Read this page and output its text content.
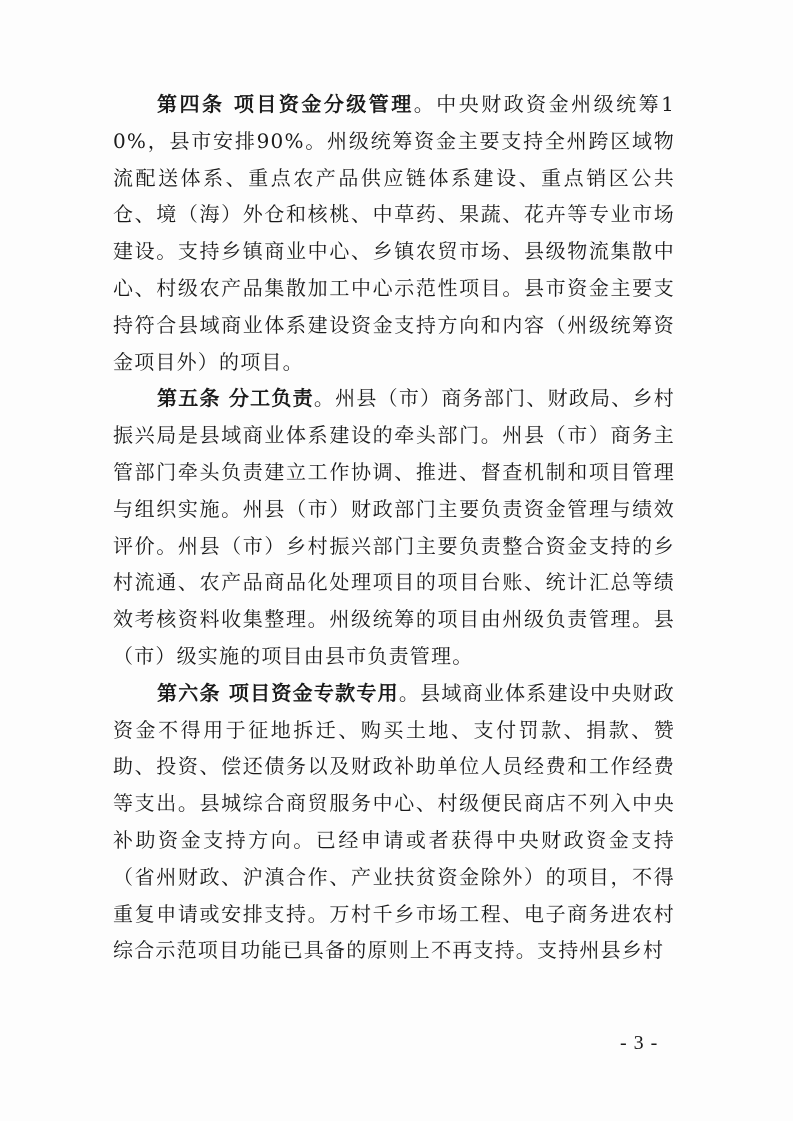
第四条 项目资金分级管理。中央财政资金州级统筹10%，县市安排90%。州级统筹资金主要支持全州跨区域物流配送体系、重点农产品供应链体系建设、重点销区公共仓、境（海）外仓和核桃、中草药、果蔬、花卉等专业市场建设。支持乡镇商业中心、乡镇农贸市场、县级物流集散中心、村级农产品集散加工中心示范性项目。县市资金主要支持符合县域商业体系建设资金支持方向和内容（州级统筹资金项目外）的项目。

第五条 分工负责。州县（市）商务部门、财政局、乡村振兴局是县域商业体系建设的牵头部门。州县（市）商务主管部门牵头负责建立工作协调、推进、督查机制和项目管理与组织实施。州县（市）财政部门主要负责资金管理与绩效评价。州县（市）乡村振兴部门主要负责整合资金支持的乡村流通、农产品商品化处理项目的项目台账、统计汇总等绩效考核资料收集整理。州级统筹的项目由州级负责管理。县（市）级实施的项目由县市负责管理。

第六条 项目资金专款专用。县域商业体系建设中央财政资金不得用于征地拆迁、购买土地、支付罚款、捐款、赞助、投资、偿还债务以及财政补助单位人员经费和工作经费等支出。县城综合商贸服务中心、村级便民商店不列入中央补助资金支持方向。已经申请或者获得中央财政资金支持（省州财政、沪滇合作、产业扶贫资金除外）的项目，不得重复申请或安排支持。万村千乡市场工程、电子商务进农村综合示范项目功能已具备的原则上不再支持。支持州县乡村

- 3 -
